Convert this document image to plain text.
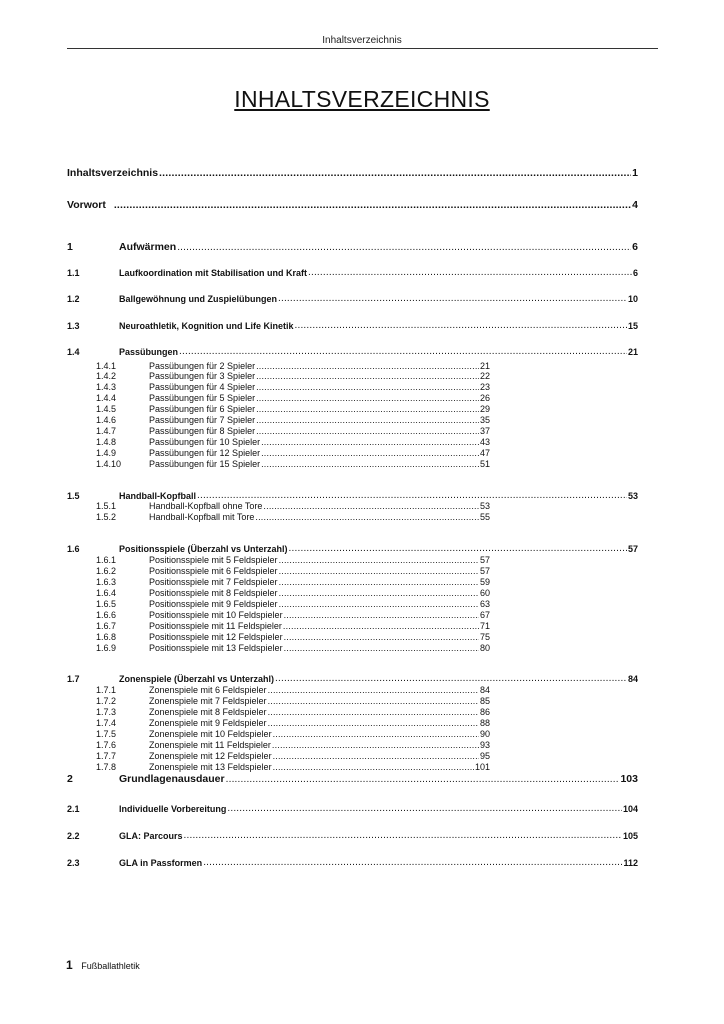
Inhaltsverzeichnis
INHALTSVERZEICHNIS
Inhaltsverzeichnis .....	1
Vorwort .....	4
1	Aufwärmen .....	6
1.1	Laufkoordination mit Stabilisation und Kraft .....	6
1.2	Ballgewöhnung und Zuspielübungen .....	10
1.3	Neuroathletik, Kognition und Life Kinetik .....	15
1.4	Passübungen .....	21
1.4.1	Passübungen für 2 Spieler .....	21
1.4.2	Passübungen für 3 Spieler .....	22
1.4.3	Passübungen für 4 Spieler .....	23
1.4.4	Passübungen für 5 Spieler .....	26
1.4.5	Passübungen für 6 Spieler .....	29
1.4.6	Passübungen für 7 Spieler .....	35
1.4.7	Passübungen für 8 Spieler .....	37
1.4.8	Passübungen für 10 Spieler .....	43
1.4.9	Passübungen für 12 Spieler .....	47
1.4.10	Passübungen für 15 Spieler .....	51
1.5	Handball-Kopfball .....	53
1.5.1	Handball-Kopfball ohne Tore .....	53
1.5.2	Handball-Kopfball mit Tore .....	55
1.6	Positionsspiele (Überzahl vs Unterzahl) .....	57
1.6.1	Positionsspiele mit 5 Feldspieler .....	57
1.6.2	Positionsspiele mit 6 Feldspieler .....	57
1.6.3	Positionsspiele mit 7 Feldspieler .....	59
1.6.4	Positionsspiele mit 8 Feldspieler .....	60
1.6.5	Positionsspiele mit 9 Feldspieler .....	63
1.6.6	Positionsspiele mit 10 Feldspieler .....	67
1.6.7	Positionsspiele mit 11 Feldspieler .....	71
1.6.8	Positionsspiele mit 12 Feldspieler .....	75
1.6.9	Positionsspiele mit 13 Feldspieler .....	80
1.7	Zonenspiele (Überzahl vs Unterzahl) .....	84
1.7.1	Zonenspiele mit 6 Feldspieler .....	84
1.7.2	Zonenspiele mit 7 Feldspieler .....	85
1.7.3	Zonenspiele mit 8 Feldspieler .....	86
1.7.4	Zonenspiele mit 9 Feldspieler .....	88
1.7.5	Zonenspiele mit 10 Feldspieler .....	90
1.7.6	Zonenspiele mit 11 Feldspieler .....	93
1.7.7	Zonenspiele mit 12 Feldspieler .....	95
1.7.8	Zonenspiele mit 13 Feldspieler .....	101
2	Grundlagenausdauer .....	103
2.1	Individuelle Vorbereitung .....	104
2.2	GLA: Parcours .....	105
2.3	GLA in Passformen .....	112
1 Fußballathletik
